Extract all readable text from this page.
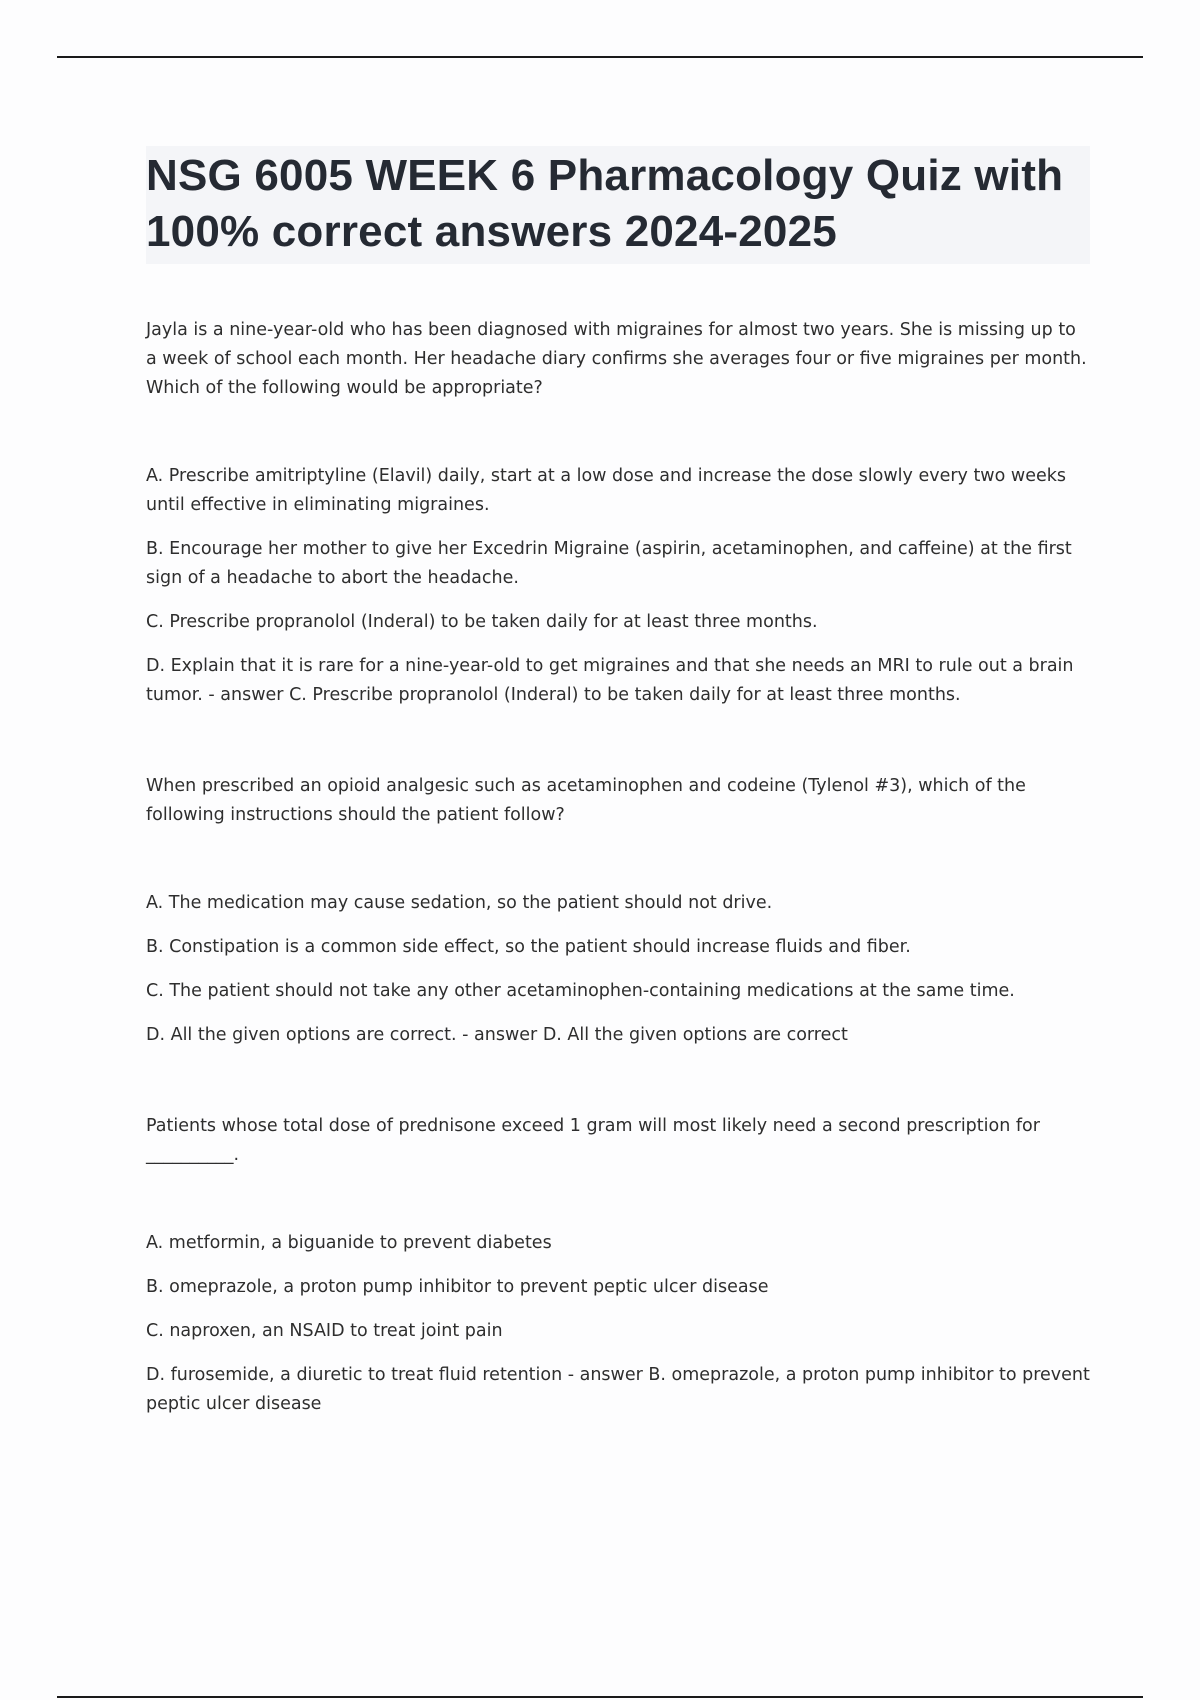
NSG 6005 WEEK 6 Pharmacology Quiz with 100% correct answers 2024-2025

Jayla is a nine-year-old who has been diagnosed with migraines for almost two years. She is missing up to a week of school each month. Her headache diary confirms she averages four or five migraines per month. Which of the following would be appropriate?

A. Prescribe amitriptyline (Elavil) daily, start at a low dose and increase the dose slowly every two weeks until effective in eliminating migraines.

B. Encourage her mother to give her Excedrin Migraine (aspirin, acetaminophen, and caffeine) at the first sign of a headache to abort the headache.

C. Prescribe propranolol (Inderal) to be taken daily for at least three months.

D. Explain that it is rare for a nine-year-old to get migraines and that she needs an MRI to rule out a brain tumor. - answer C. Prescribe propranolol (Inderal) to be taken daily for at least three months.

When prescribed an opioid analgesic such as acetaminophen and codeine (Tylenol #3), which of the following instructions should the patient follow?

A. The medication may cause sedation, so the patient should not drive.

B. Constipation is a common side effect, so the patient should increase fluids and fiber.

C. The patient should not take any other acetaminophen-containing medications at the same time.

D. All the given options are correct. - answer D. All the given options are correct

Patients whose total dose of prednisone exceed 1 gram will most likely need a second prescription for __________.

A. metformin, a biguanide to prevent diabetes

B. omeprazole, a proton pump inhibitor to prevent peptic ulcer disease

C. naproxen, an NSAID to treat joint pain

D. furosemide, a diuretic to treat fluid retention - answer B. omeprazole, a proton pump inhibitor to prevent peptic ulcer disease
